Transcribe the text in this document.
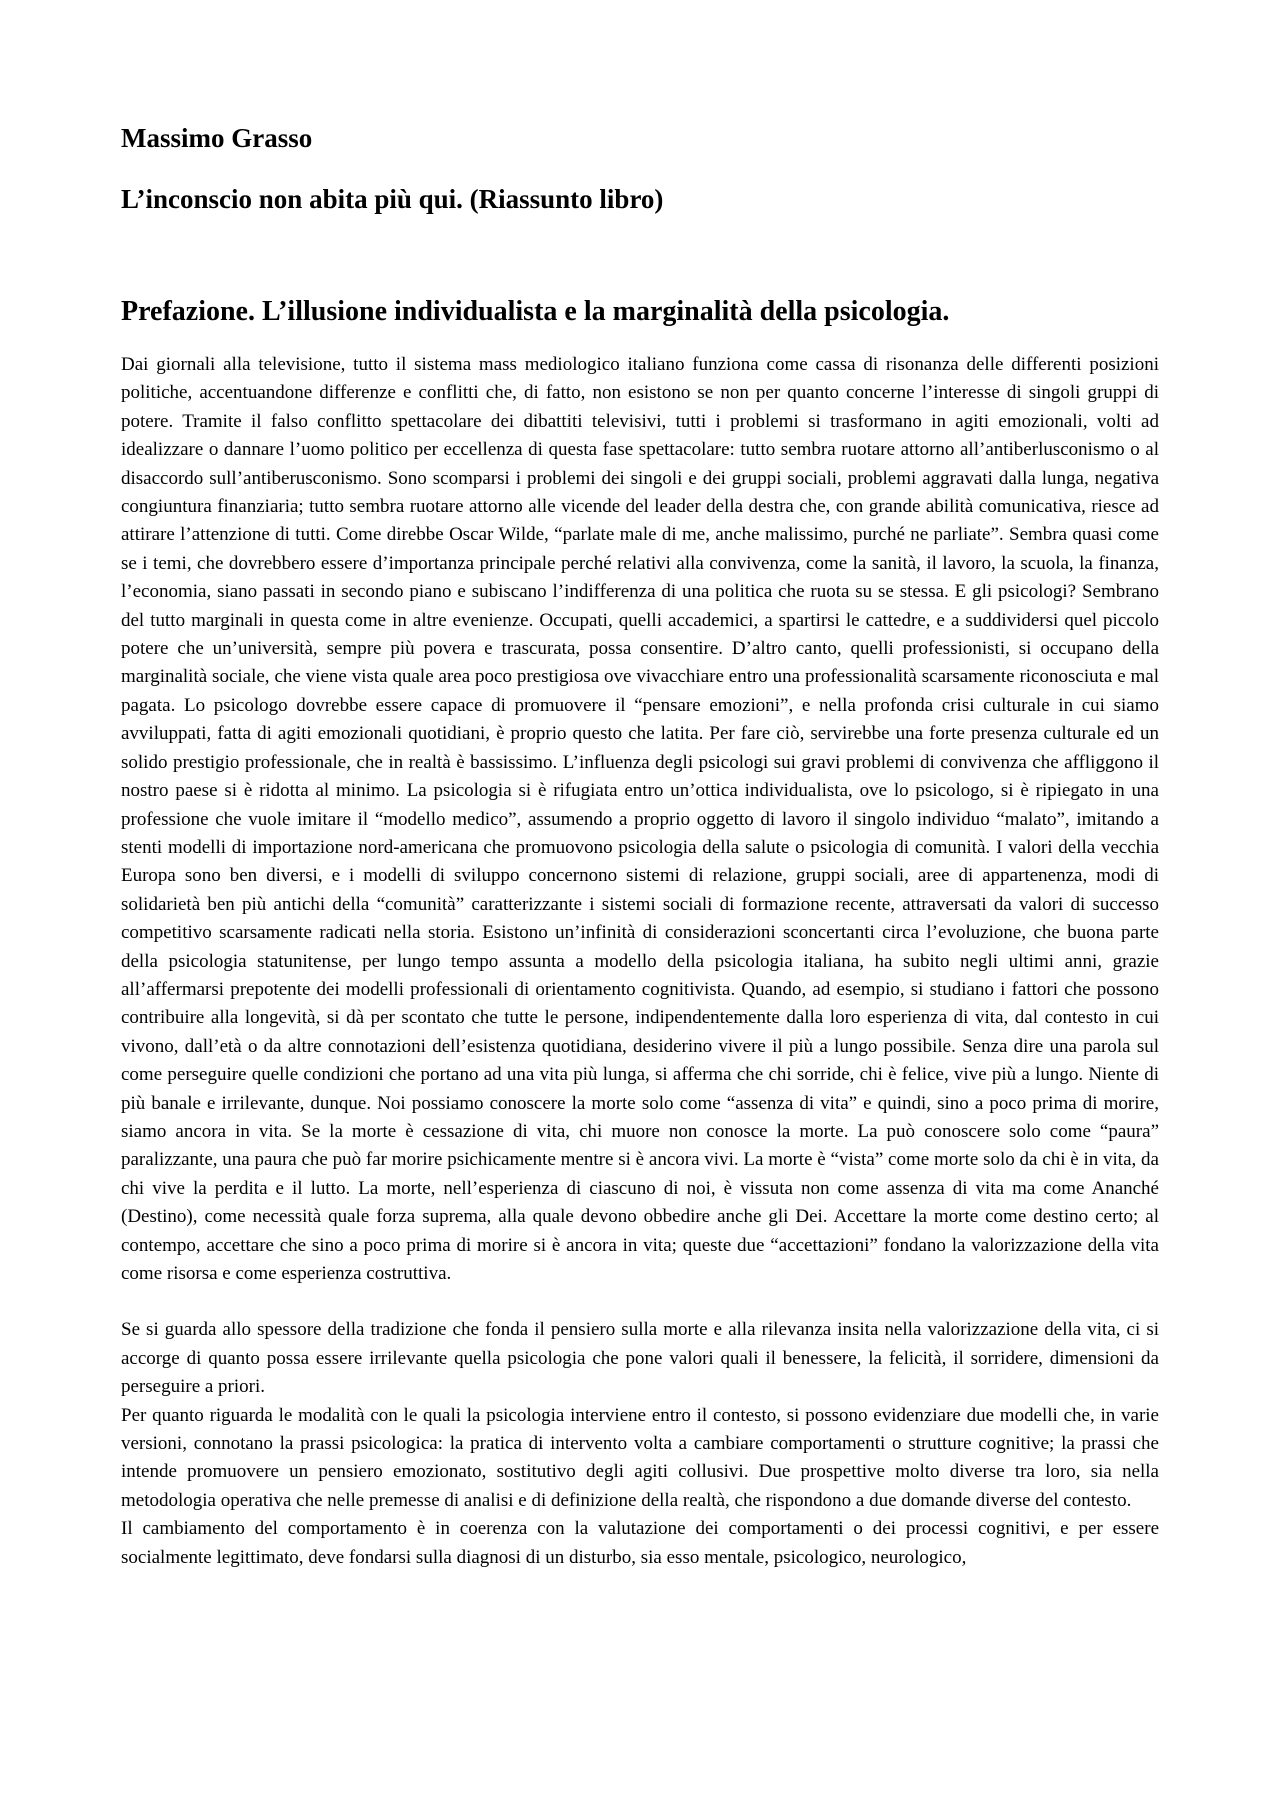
Massimo Grasso
L’inconscio non abita più qui. (Riassunto libro)
Prefazione. L’illusione individualista e la marginalità della psicologia.

Dai giornali alla televisione, tutto il sistema mass mediologico italiano funziona come cassa di risonanza delle differenti posizioni politiche, accentuandone differenze e conflitti che, di fatto, non esistono se non per quanto concerne l’interesse di singoli gruppi di potere. Tramite il falso conflitto spettacolare dei dibattiti televisivi, tutti i problemi si trasformano in agiti emozionali, volti ad idealizzare o dannare l’uomo politico per eccellenza di questa fase spettacolare: tutto sembra ruotare attorno all’antiberlusconismo o al disaccordo sull’antiberusconismo. Sono scomparsi i problemi dei singoli e dei gruppi sociali, problemi aggravati dalla lunga, negativa congiuntura finanziaria; tutto sembra ruotare attorno alle vicende del leader della destra che, con grande abilità comunicativa, riesce ad attirare l’attenzione di tutti. Come direbbe Oscar Wilde, “parlate male di me, anche malissimo, purché ne parliate”. Sembra quasi come se i temi, che dovrebbero essere d’importanza principale perché relativi alla convivenza, come la sanità, il lavoro, la scuola, la finanza, l’economia, siano passati in secondo piano e subiscano l’indifferenza di una politica che ruota su se stessa. E gli psicologi? Sembrano del tutto marginali in questa come in altre evenienze. Occupati, quelli accademici, a spartirsi le cattedre, e a suddividersi quel piccolo potere che un’università, sempre più povera e trascurata, possa consentire. D’altro canto, quelli professionisti, si occupano della marginalità sociale, che viene vista quale area poco prestigiosa ove vivacchiare entro una professionalità scarsamente riconosciuta e mal pagata. Lo psicologo dovrebbe essere capace di promuovere il “pensare emozioni”, e nella profonda crisi culturale in cui siamo avviluppati, fatta di agiti emozionali quotidiani, è proprio questo che latita. Per fare ciò, servirebbe una forte presenza culturale ed un solido prestigio professionale, che in realtà è bassissimo. L’influenza degli psicologi sui gravi problemi di convivenza che affliggono il nostro paese si è ridotta al minimo. La psicologia si è rifugiata entro un’ottica individualista, ove lo psicologo, si è ripiegato in una professione che vuole imitare il “modello medico”, assumendo a proprio oggetto di lavoro il singolo individuo “malato”, imitando a stenti modelli di importazione nord-americana che promuovono psicologia della salute o psicologia di comunità. I valori della vecchia Europa sono ben diversi, e i modelli di sviluppo concernono sistemi di relazione, gruppi sociali, aree di appartenenza, modi di solidarietà ben più antichi della “comunità” caratterizzante i sistemi sociali di formazione recente, attraversati da valori di successo competitivo scarsamente radicati nella storia. Esistono un’infinità di considerazioni sconcertanti circa l’evoluzione, che buona parte della psicologia statunitense, per lungo tempo assunta a modello della psicologia italiana, ha subito negli ultimi anni, grazie all’affermarsi prepotente dei modelli professionali di orientamento cognitivista. Quando, ad esempio, si studiano i fattori che possono contribuire alla longevità, si dà per scontato che tutte le persone, indipendentemente dalla loro esperienza di vita, dal contesto in cui vivono, dall’età o da altre connotazioni dell’esistenza quotidiana, desiderino vivere il più a lungo possibile. Senza dire una parola sul come perseguire quelle condizioni che portano ad una vita più lunga, si afferma che chi sorride, chi è felice, vive più a lungo. Niente di più banale e irrilevante, dunque. Noi possiamo conoscere la morte solo come “assenza di vita” e quindi, sino a poco prima di morire, siamo ancora in vita. Se la morte è cessazione di vita, chi muore non conosce la morte. La può conoscere solo come “paura” paralizzante, una paura che può far morire psichicamente mentre si è ancora vivi. La morte è “vista” come morte solo da chi è in vita, da chi vive la perdita e il lutto. La morte, nell’esperienza di ciascuno di noi, è vissuta non come assenza di vita ma come Ananché (Destino), come necessità quale forza suprema, alla quale devono obbedire anche gli Dei. Accettare la morte come destino certo; al contempo, accettare che sino a poco prima di morire si è ancora in vita; queste due “accettazioni” fondano la valorizzazione della vita come risorsa e come esperienza costruttiva.

Se si guarda allo spessore della tradizione che fonda il pensiero sulla morte e alla rilevanza insita nella valorizzazione della vita, ci si accorge di quanto possa essere irrilevante quella psicologia che pone valori quali il benessere, la felicità, il sorridere, dimensioni da perseguire a priori.

Per quanto riguarda le modalità con le quali la psicologia interviene entro il contesto, si possono evidenziare due modelli che, in varie versioni, connotano la prassi psicologica: la pratica di intervento volta a cambiare comportamenti o strutture cognitive; la prassi che intende promuovere un pensiero emozionato, sostitutivo degli agiti collusivi. Due prospettive molto diverse tra loro, sia nella metodologia operativa che nelle premesse di analisi e di definizione della realtà, che rispondono a due domande diverse del contesto.

Il cambiamento del comportamento è in coerenza con la valutazione dei comportamenti o dei processi cognitivi, e per essere socialmente legittimato, deve fondarsi sulla diagnosi di un disturbo, sia esso mentale, psicologico, neurologico,
